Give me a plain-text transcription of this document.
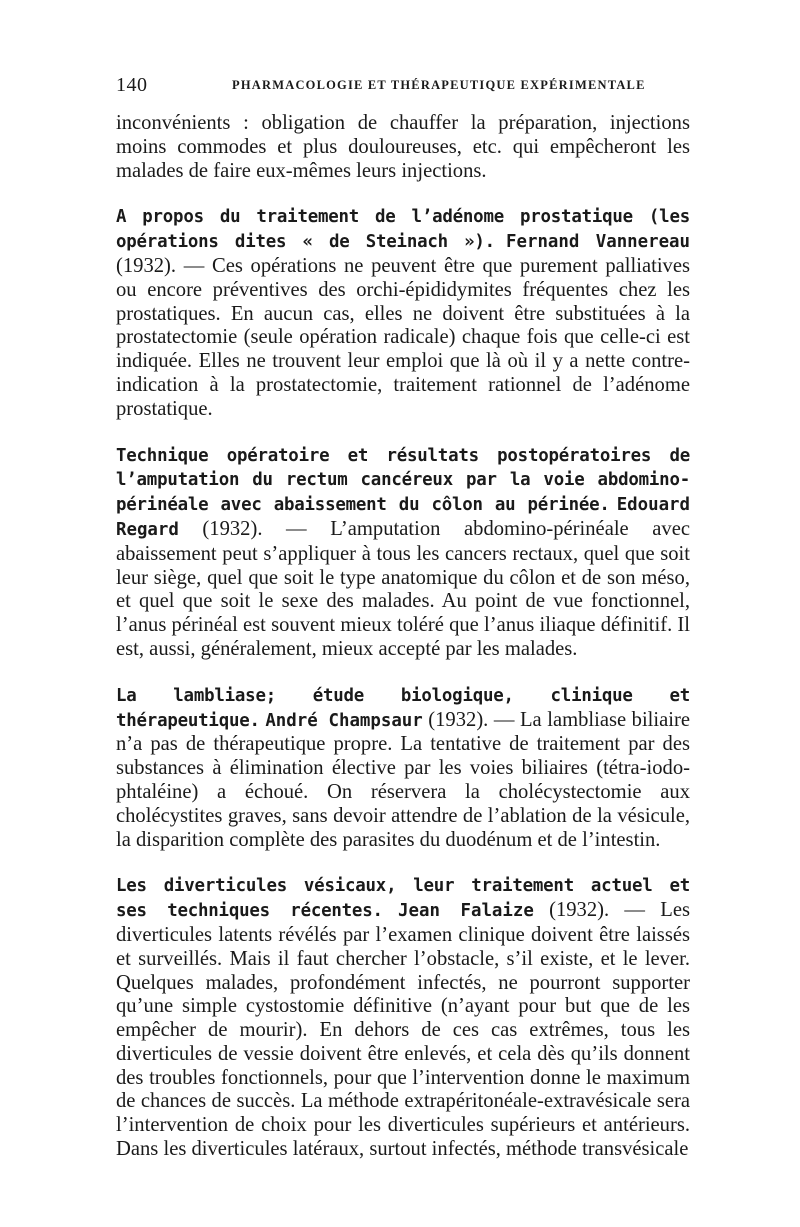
140	PHARMACOLOGIE ET THÉRAPEUTIQUE EXPÉRIMENTALE

inconvénients : obligation de chauffer la préparation, injections moins commodes et plus douloureuses, etc. qui empêcheront les malades de faire eux-mêmes leurs injections.

A propos du traitement de l’adénome prostatique (les opérations dites « de Steinach »). Fernand Vannereau (1932). — Ces opérations ne peuvent être que purement palliatives ou encore préventives des orchi-épididymites fréquentes chez les prostatiques. En aucun cas, elles ne doivent être substituées à la prostatectomie (seule opération radicale) chaque fois que celle-ci est indiquée. Elles ne trouvent leur emploi que là où il y a nette contre-indication à la prostatectomie, traitement rationnel de l’adénome prostatique.

Technique opératoire et résultats postopératoires de l’amputation du rectum cancéreux par la voie abdomino-périnéale avec abaissement du côlon au périnée. Edouard Regard (1932). — L’amputation abdomino-périnéale avec abaissement peut s’appliquer à tous les cancers rectaux, quel que soit leur siège, quel que soit le type anatomique du côlon et de son méso, et quel que soit le sexe des malades. Au point de vue fonctionnel, l’anus périnéal est souvent mieux toléré que l’anus iliaque définitif. Il est, aussi, généralement, mieux accepté par les malades.

La lambliase; étude biologique, clinique et thérapeutique. André Champsaur (1932). — La lambliase biliaire n’a pas de thérapeutique propre. La tentative de traitement par des substances à élimination élective par les voies biliaires (tétra-iodo-phtaléine) a échoué. On réservera la cholécystectomie aux cholécystites graves, sans devoir attendre de l’ablation de la vésicule, la disparition complète des parasites du duodénum et de l’intestin.

Les diverticules vésicaux, leur traitement actuel et ses techniques récentes. Jean Falaize (1932). — Les diverticules latents révélés par l’examen clinique doivent être laissés et surveillés. Mais il faut chercher l’obstacle, s’il existe, et le lever. Quelques malades, profondément infectés, ne pourront supporter qu’une simple cystostomie définitive (n’ayant pour but que de les empêcher de mourir). En dehors de ces cas extrêmes, tous les diverticules de vessie doivent être enlevés, et cela dès qu’ils donnent des troubles fonctionnels, pour que l’intervention donne le maximum de chances de succès. La méthode extrapéritonéale-extravésicale sera l’intervention de choix pour les diverticules supérieurs et antérieurs. Dans les diverticules latéraux, surtout infectés, méthode transvésicale
